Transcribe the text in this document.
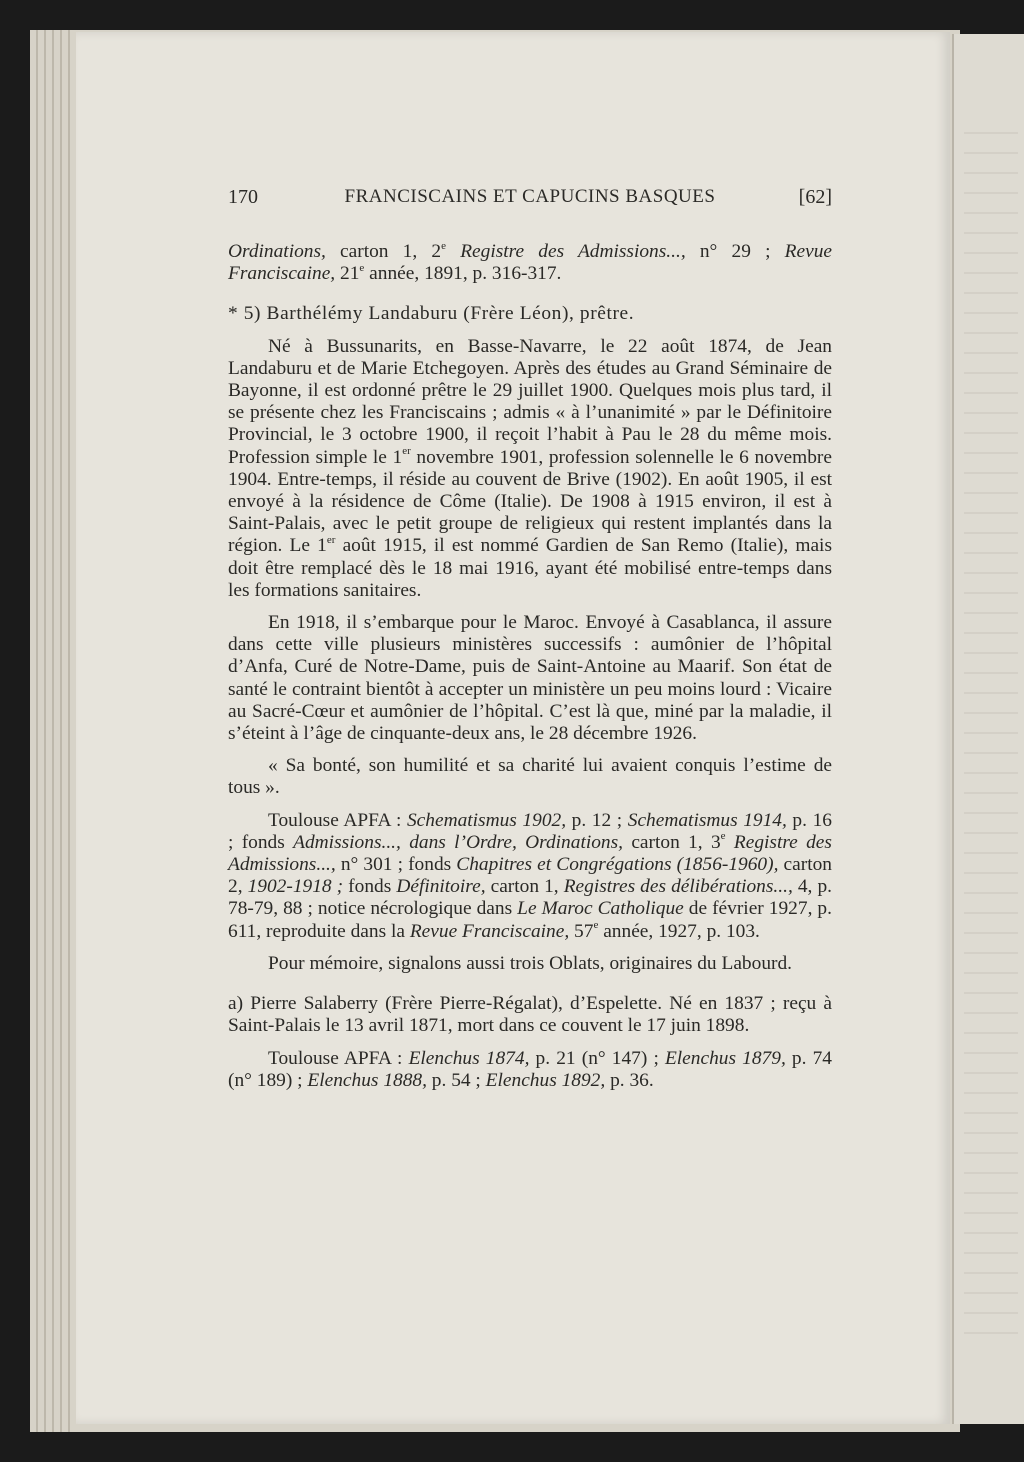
170	FRANCISCAINS ET CAPUCINS BASQUES	[62]

Ordinations, carton 1, 2e Registre des Admissions..., n° 29 ; Revue Franciscaine, 21e année, 1891, p. 316-317.

* 5) Barthélémy Landaburu (Frère Léon), prêtre.

Né à Bussunarits, en Basse-Navarre, le 22 août 1874, de Jean Landaburu et de Marie Etchegoyen. Après des études au Grand Séminaire de Bayonne, il est ordonné prêtre le 29 juillet 1900. Quelques mois plus tard, il se présente chez les Franciscains ; admis « à l’unanimité » par le Définitoire Provincial, le 3 octobre 1900, il reçoit l’habit à Pau le 28 du même mois. Profession simple le 1er novembre 1901, profession solennelle le 6 novembre 1904. Entre-temps, il réside au couvent de Brive (1902). En août 1905, il est envoyé à la résidence de Côme (Italie). De 1908 à 1915 environ, il est à Saint-Palais, avec le petit groupe de religieux qui restent implantés dans la région. Le 1er août 1915, il est nommé Gardien de San Remo (Italie), mais doit être remplacé dès le 18 mai 1916, ayant été mobilisé entre-temps dans les formations sanitaires.

En 1918, il s’embarque pour le Maroc. Envoyé à Casablanca, il assure dans cette ville plusieurs ministères successifs : aumônier de l’hôpital d’Anfa, Curé de Notre-Dame, puis de Saint-Antoine au Maarif. Son état de santé le contraint bientôt à accepter un ministère un peu moins lourd : Vicaire au Sacré-Cœur et aumônier de l’hôpital. C’est là que, miné par la maladie, il s’éteint à l’âge de cinquante-deux ans, le 28 décembre 1926.

« Sa bonté, son humilité et sa charité lui avaient conquis l’estime de tous ».

Toulouse APFA : Schematismus 1902, p. 12 ; Schematismus 1914, p. 16 ; fonds Admissions..., dans l’Ordre, Ordinations, carton 1, 3e Registre des Admissions..., n° 301 ; fonds Chapitres et Congrégations (1856-1960), carton 2, 1902-1918 ; fonds Définitoire, carton 1, Registres des délibérations..., 4, p. 78-79, 88 ; notice nécrologique dans Le Maroc Catholique de février 1927, p. 611, reproduite dans la Revue Franciscaine, 57e année, 1927, p. 103.

Pour mémoire, signalons aussi trois Oblats, originaires du Labourd.

a) Pierre Salaberry (Frère Pierre-Régalat), d’Espelette. Né en 1837 ; reçu à Saint-Palais le 13 avril 1871, mort dans ce couvent le 17 juin 1898.

Toulouse APFA : Elenchus 1874, p. 21 (n° 147) ; Elenchus 1879, p. 74 (n° 189) ; Elenchus 1888, p. 54 ; Elenchus 1892, p. 36.
